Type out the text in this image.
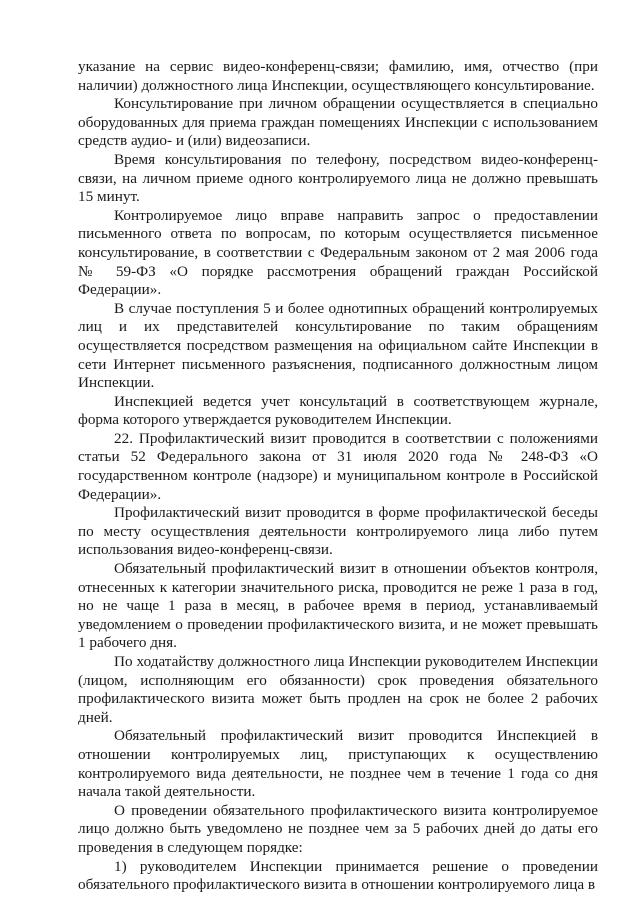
указание на сервис видео-конференц-связи; фамилию, имя, отчество (при наличии) должностного лица Инспекции, осуществляющего консультирование.

Консультирование при личном обращении осуществляется в специально оборудованных для приема граждан помещениях Инспекции с использованием средств аудио- и (или) видеозаписи.

Время консультирования по телефону, посредством видео-конференц-связи, на личном приеме одного контролируемого лица не должно превышать 15 минут.

Контролируемое лицо вправе направить запрос о предоставлении письменного ответа по вопросам, по которым осуществляется письменное консультирование, в соответствии с Федеральным законом от 2 мая 2006 года № 59-ФЗ «О порядке рассмотрения обращений граждан Российской Федерации».

В случае поступления 5 и более однотипных обращений контролируемых лиц и их представителей консультирование по таким обращениям осуществляется посредством размещения на официальном сайте Инспекции в сети Интернет письменного разъяснения, подписанного должностным лицом Инспекции.

Инспекцией ведется учет консультаций в соответствующем журнале, форма которого утверждается руководителем Инспекции.

22. Профилактический визит проводится в соответствии с положениями статьи 52 Федерального закона от 31 июля 2020 года № 248-ФЗ «О государственном контроле (надзоре) и муниципальном контроле в Российской Федерации».

Профилактический визит проводится в форме профилактической беседы по месту осуществления деятельности контролируемого лица либо путем использования видео-конференц-связи.

Обязательный профилактический визит в отношении объектов контроля, отнесенных к категории значительного риска, проводится не реже 1 раза в год, но не чаще 1 раза в месяц, в рабочее время в период, устанавливаемый уведомлением о проведении профилактического визита, и не может превышать 1 рабочего дня.

По ходатайству должностного лица Инспекции руководителем Инспекции (лицом, исполняющим его обязанности) срок проведения обязательного профилактического визита может быть продлен на срок не более 2 рабочих дней.

Обязательный профилактический визит проводится Инспекцией в отношении контролируемых лиц, приступающих к осуществлению контролируемого вида деятельности, не позднее чем в течение 1 года со дня начала такой деятельности.

О проведении обязательного профилактического визита контролируемое лицо должно быть уведомлено не позднее чем за 5 рабочих дней до даты его проведения в следующем порядке:

1) руководителем Инспекции принимается решение о проведении обязательного профилактического визита в отношении контролируемого лица в
